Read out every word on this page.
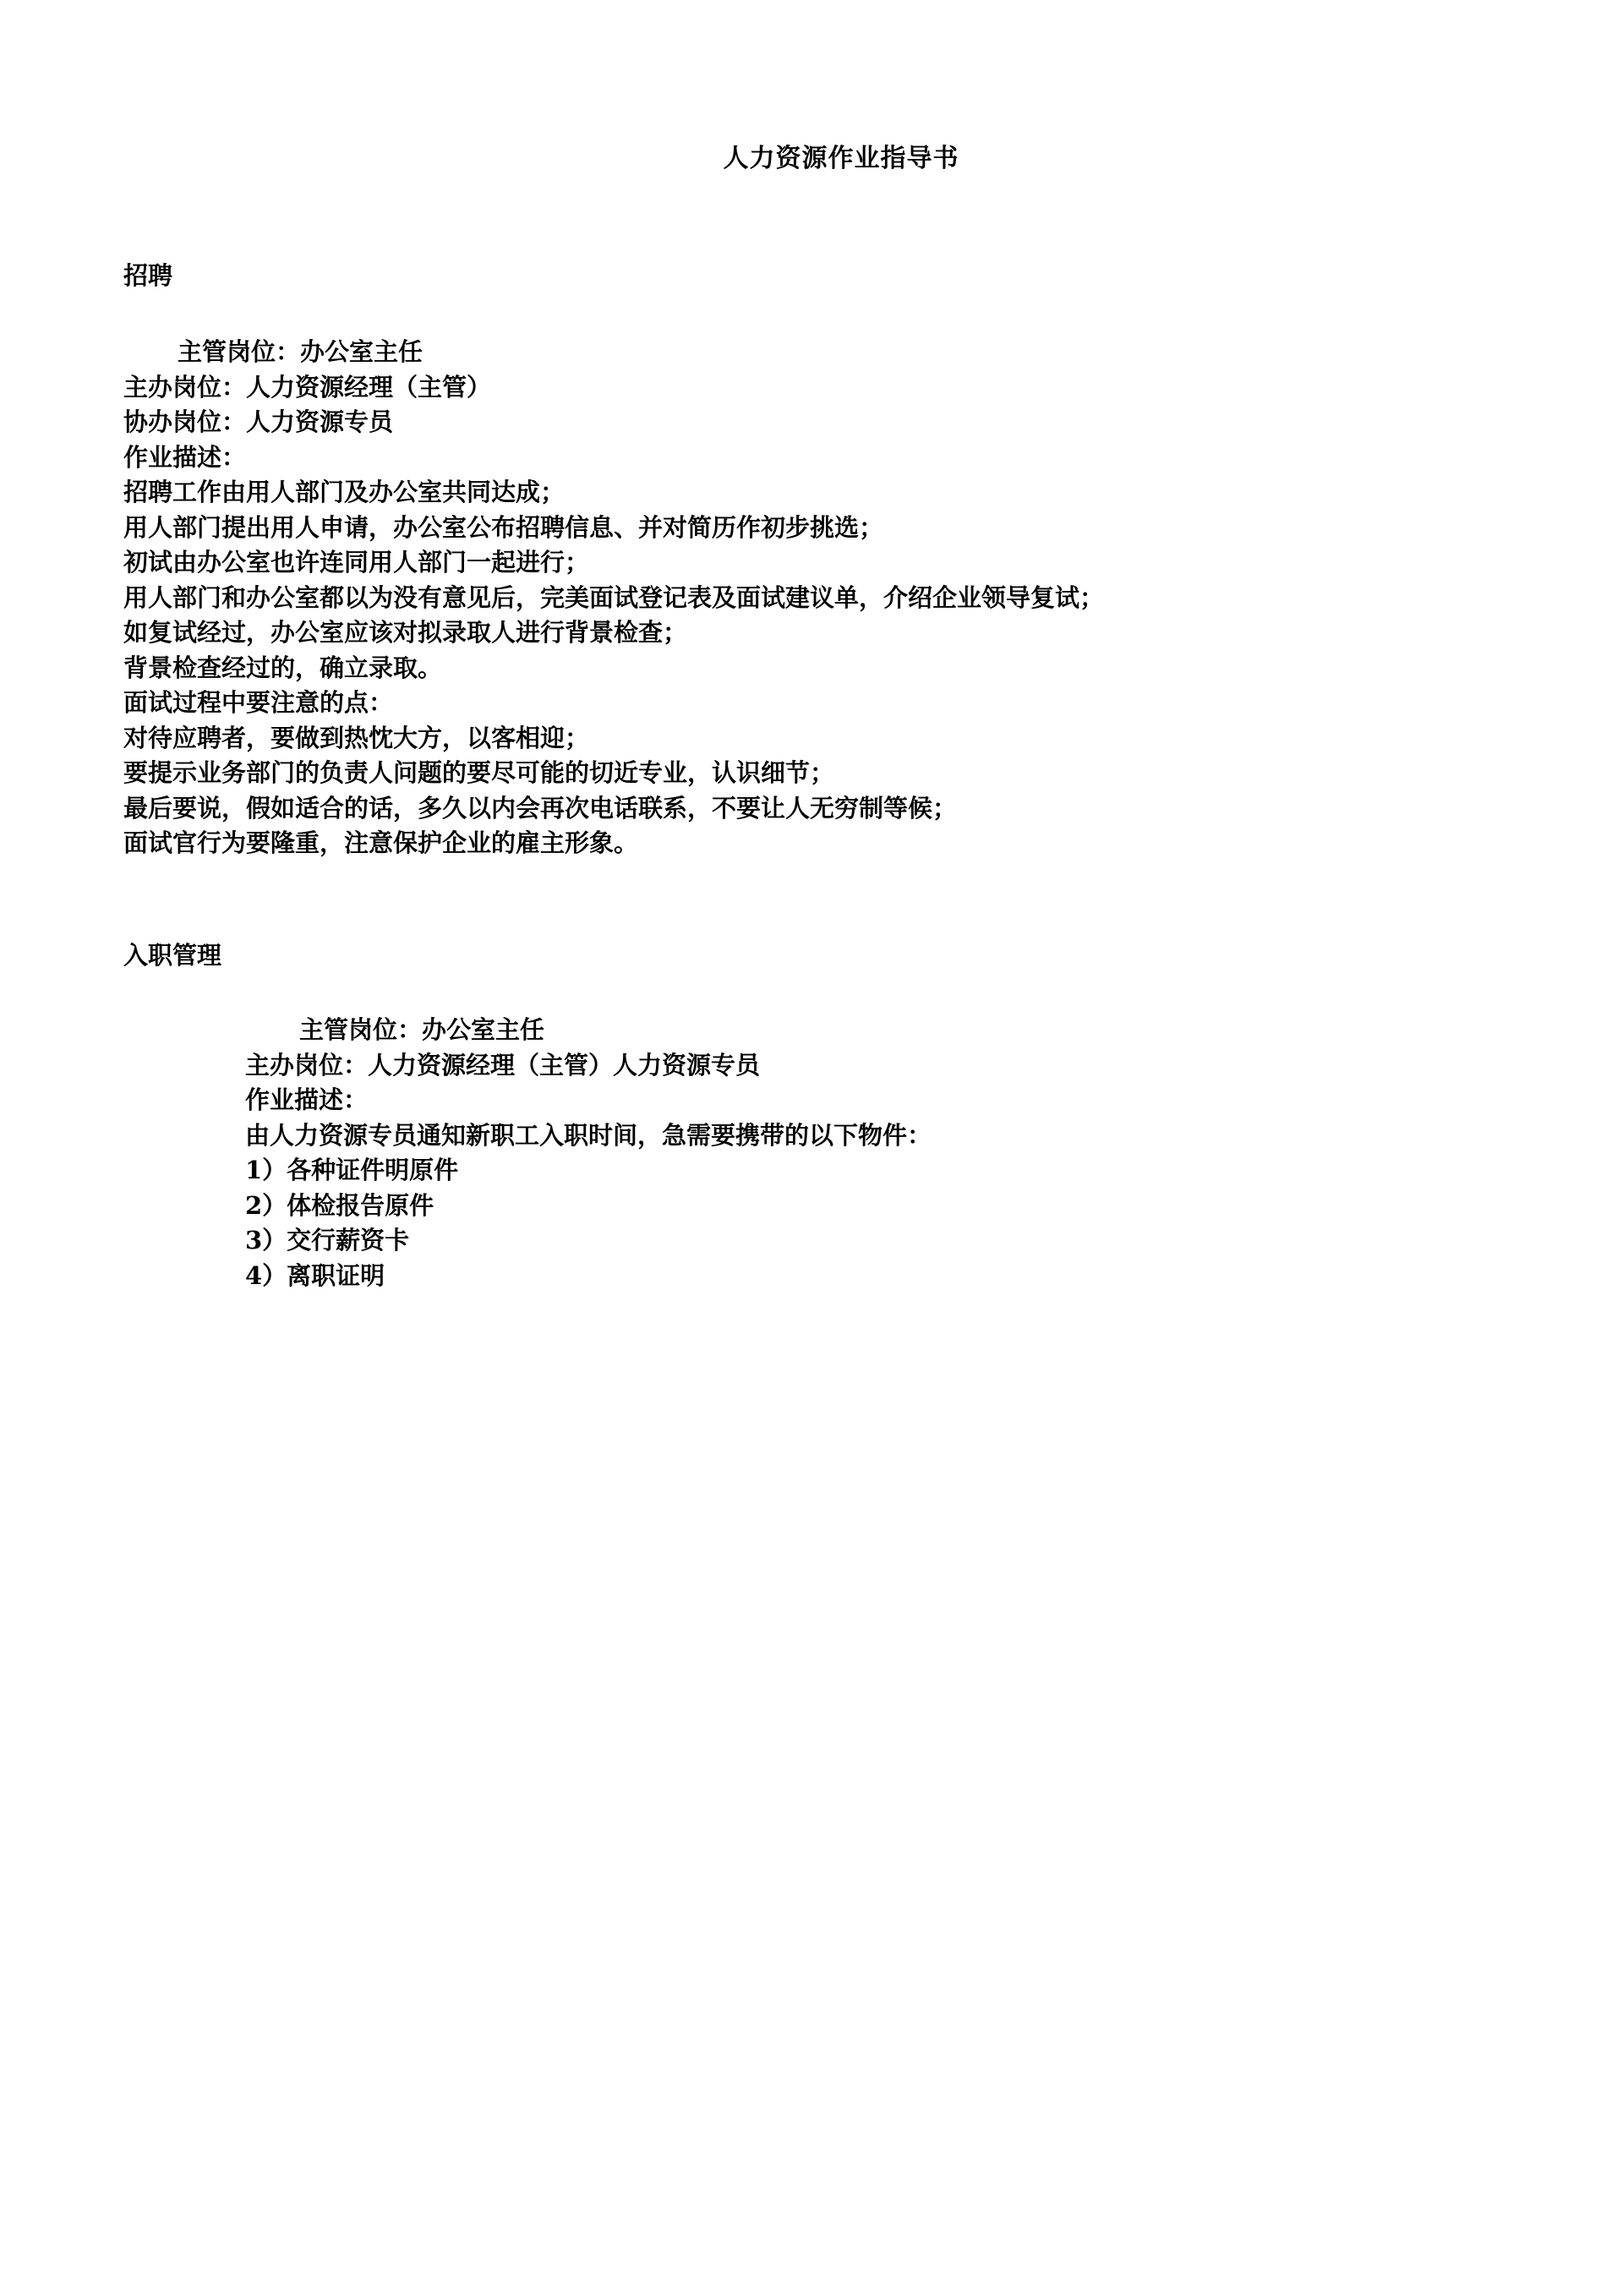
人力资源作业指导书
招聘
主管岗位：办公室主任
主办岗位：人力资源经理（主管）
协办岗位：人力资源专员
作业描述：
招聘工作由用人部门及办公室共同达成；
用人部门提出用人申请，办公室公布招聘信息、并对简历作初步挑选；
初试由办公室也许连同用人部门一起进行；
用人部门和办公室都以为没有意见后，完美面试登记表及面试建议单，介绍企业领导复试；
如复试经过，办公室应该对拟录取人进行背景检查；
背景检查经过的，确立录取。
面试过程中要注意的点：
对待应聘者，要做到热忱大方，以客相迎；
要提示业务部门的负责人问题的要尽可能的切近专业，认识细节；
最后要说，假如适合的话，多久以内会再次电话联系，不要让人无穷制等候；
面试官行为要隆重，注意保护企业的雇主形象。
入职管理
主管岗位：办公室主任
主办岗位：人力资源经理（主管）人力资源专员
作业描述：
由人力资源专员通知新职工入职时间，急需要携带的以下物件：
1）各种证件明原件
2）体检报告原件
3）交行薪资卡
4）离职证明
